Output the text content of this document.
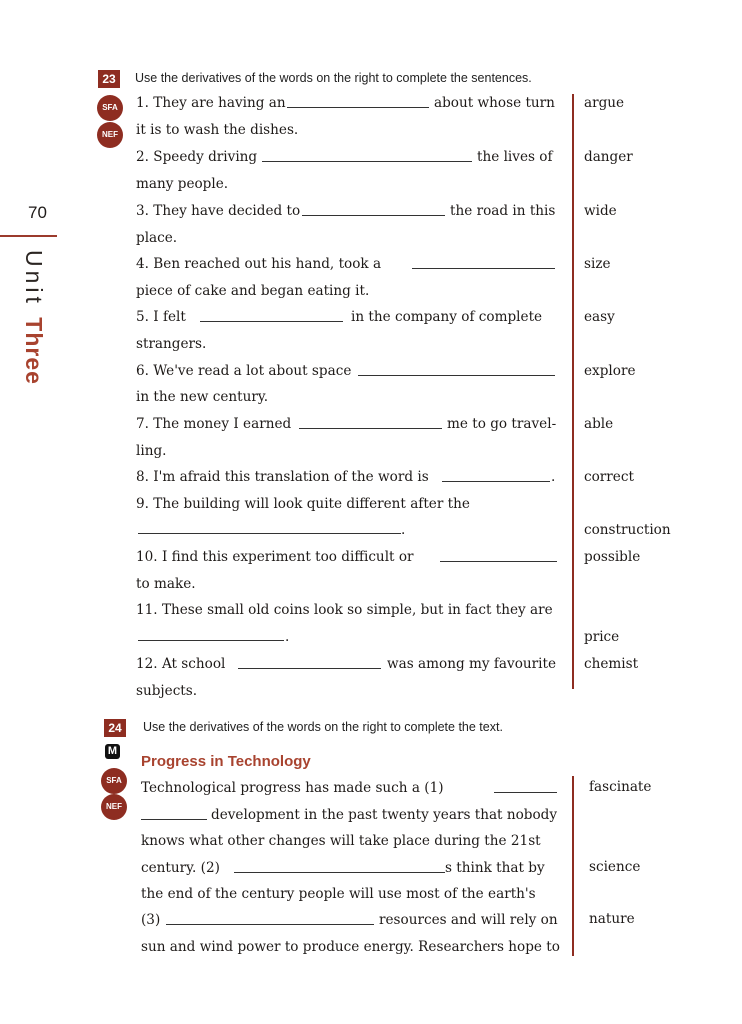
70
Unit Three
23	Use the derivatives of the words on the right to complete the sentences.
SFA
NEF
1. They are having an	about whose turn
it is to wash the dishes.
2. Speedy driving	the lives of
many people.
3. They have decided to	the road in this
place.
4. Ben reached out his hand, took a
piece of cake and began eating it.
5. I felt	in the company of complete
strangers.
6. We've read a lot about space
in the new century.
7. The money I earned	me to go travel-
ling.
8. I'm afraid this translation of the word is	.
9. The building will look quite different after the
.
10. I find this experiment too difficult or
to make.
11. These small old coins look so simple, but in fact they are
.
12. At school	was among my favourite
subjects.
argue
danger
wide
size
easy
explore
able
correct
construction
possible
price
chemist
24	Use the derivatives of the words on the right to complete the text.
M
SFA
NEF
Progress in Technology
Technological progress has made such a (1)
development in the past twenty years that nobody
knows what other changes will take place during the 21st
century. (2)	s think that by
the end of the century people will use most of the earth's
(3)	resources and will rely on
sun and wind power to produce energy. Researchers hope to
fascinate
science
nature
